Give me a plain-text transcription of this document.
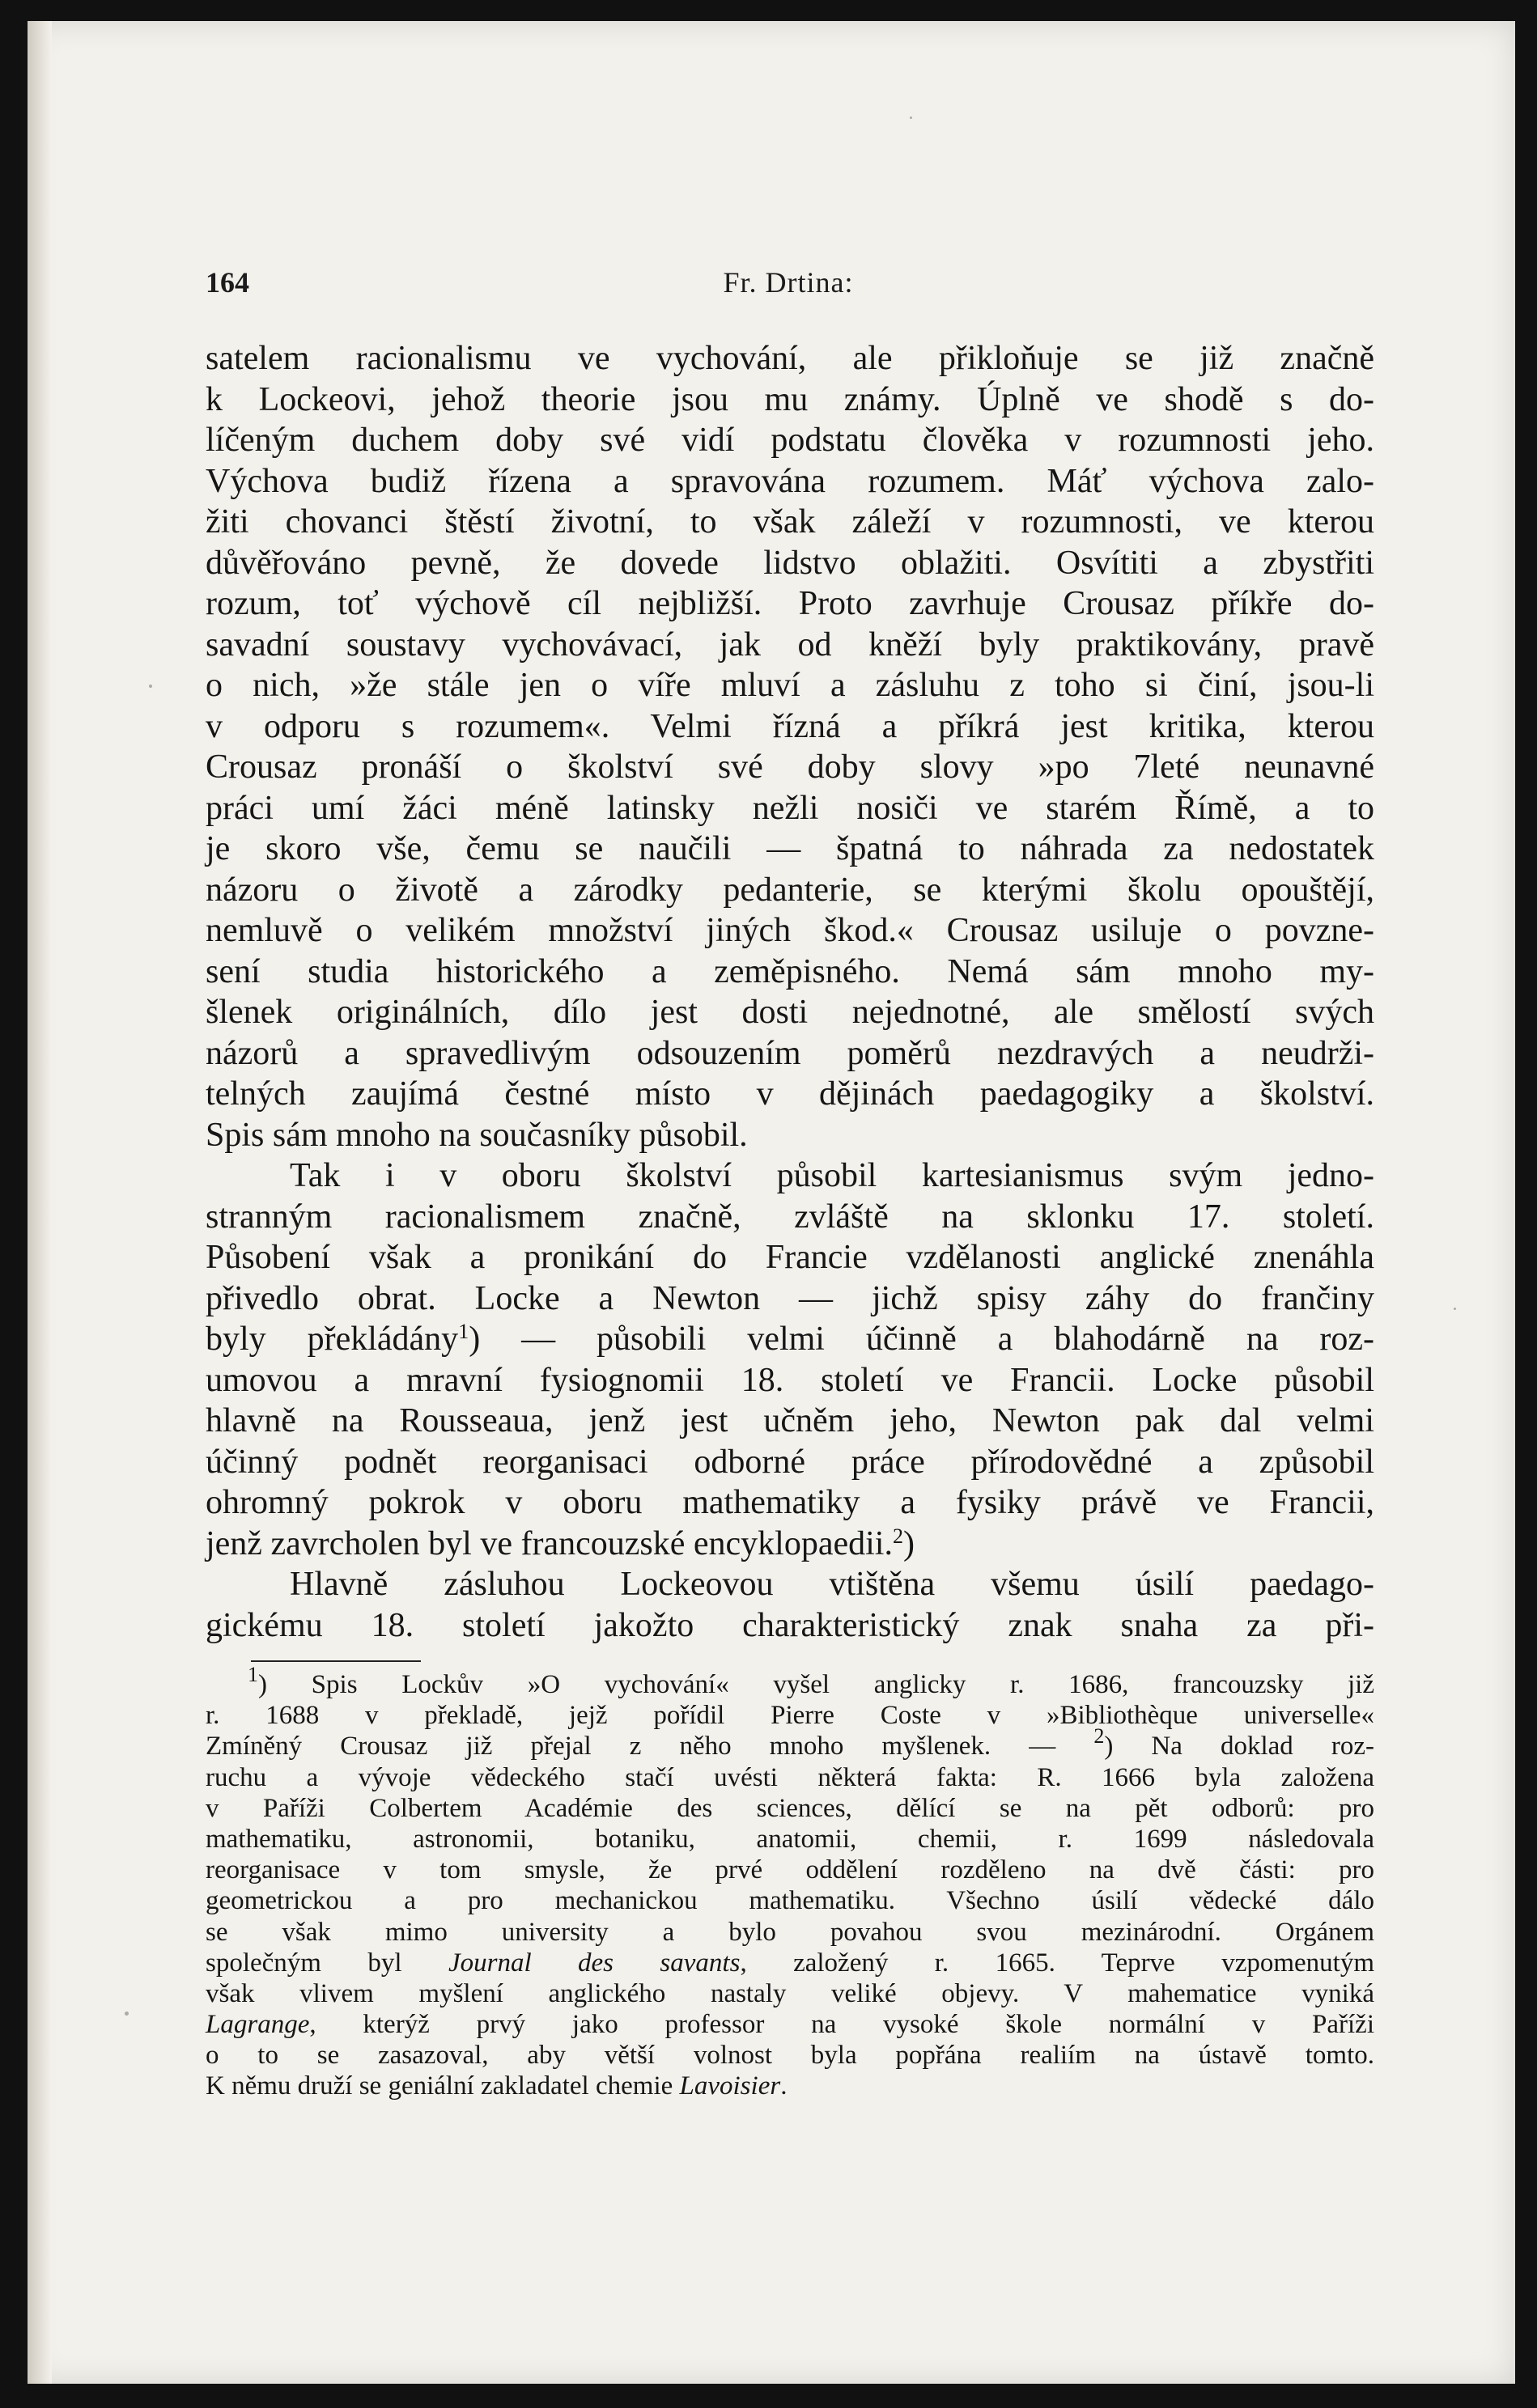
164	Fr. Drtina:
satelem racionalismu ve vychování, ale přikloňuje se již značně
k Lockeovi, jehož theorie jsou mu známy. Úplně ve shodě s do-
líčeným duchem doby své vidí podstatu člověka v rozumnosti jeho.
Výchova budiž řízena a spravována rozumem. Máť výchova zalo-
žiti chovanci štěstí životní, to však záleží v rozumnosti, ve kterou
důvěřováno pevně, že dovede lidstvo oblažiti. Osvítiti a zbystřiti
rozum, toť výchově cíl nejbližší. Proto zavrhuje Crousaz příkře do-
savadní soustavy vychovávací, jak od kněží byly praktikovány, pravě
o nich, »že stále jen o víře mluví a zásluhu z toho si činí, jsou-li
v odporu s rozumem«. Velmi řízná a příkrá jest kritika, kterou
Crousaz pronáší o školství své doby slovy »po 7leté neunavné
práci umí žáci méně latinsky nežli nosiči ve starém Římě, a to
je skoro vše, čemu se naučili — špatná to náhrada za nedostatek
názoru o životě a zárodky pedanterie, se kterými školu opouštějí,
nemluvě o velikém množství jiných škod.« Crousaz usiluje o povzne-
sení studia historického a zeměpisného. Nemá sám mnoho my-
šlenek originálních, dílo jest dosti nejednotné, ale smělostí svých
názorů a spravedlivým odsouzením poměrů nezdravých a neudrži-
telných zaujímá čestné místo v dějinách paedagogiky a školství.
Spis sám mnoho na současníky působil.
Tak i v oboru školství působil kartesianismus svým jedno-
stranným racionalismem značně, zvláště na sklonku 17. století.
Působení však a pronikání do Francie vzdělanosti anglické znenáhla
přivedlo obrat. Locke a Newton — jichž spisy záhy do frančiny
byly překládány$^1$) — působili velmi účinně a blahodárně na roz-
umovou a mravní fysiognomii 18. století ve Francii. Locke působil
hlavně na Rousseaua, jenž jest učněm jeho, Newton pak dal velmi
účinný podnět reorganisaci odborné práce přírodovědné a způsobil
ohromný pokrok v oboru mathematiky a fysiky právě ve Francii,
jenž zavrcholen byl ve francouzské encyklopaedii.$^2$)
Hlavně zásluhou Lockeovou vtištěna všemu úsilí paedago-
gickému 18. století jakožto charakteristický znak snaha za při-
$^1$) Spis Lockův »O vychování« vyšel anglicky r. 1686, francouzsky již
r. 1688 v překladě, jejž pořídil Pierre Coste v »Bibliothèque universelle«
Zmíněný Crousaz již přejal z něho mnoho myšlenek. — $^2$) Na doklad roz-
ruchu a vývoje vědeckého stačí uvésti některá fakta: R. 1666 byla založena
v Paříži Colbertem Académie des sciences, dělící se na pět odborů: pro
mathematiku, astronomii, botaniku, anatomii, chemii, r. 1699 následovala
reorganisace v tom smysle, že prvé oddělení rozděleno na dvě části: pro
geometrickou a pro mechanickou mathematiku. Všechno úsilí vědecké dálo
se však mimo university a bylo povahou svou mezinárodní. Orgánem
společným byl Journal des savants, založený r. 1665. Teprve vzpomenutým
však vlivem myšlení anglického nastaly veliké objevy. V mahematice vyniká
Lagrange, kterýž prvý jako professor na vysoké škole normální v Paříži
o to se zasazoval, aby větší volnost byla popřána realiím na ústavě tomto.
K němu druží se geniální zakladatel chemie Lavoisier.
